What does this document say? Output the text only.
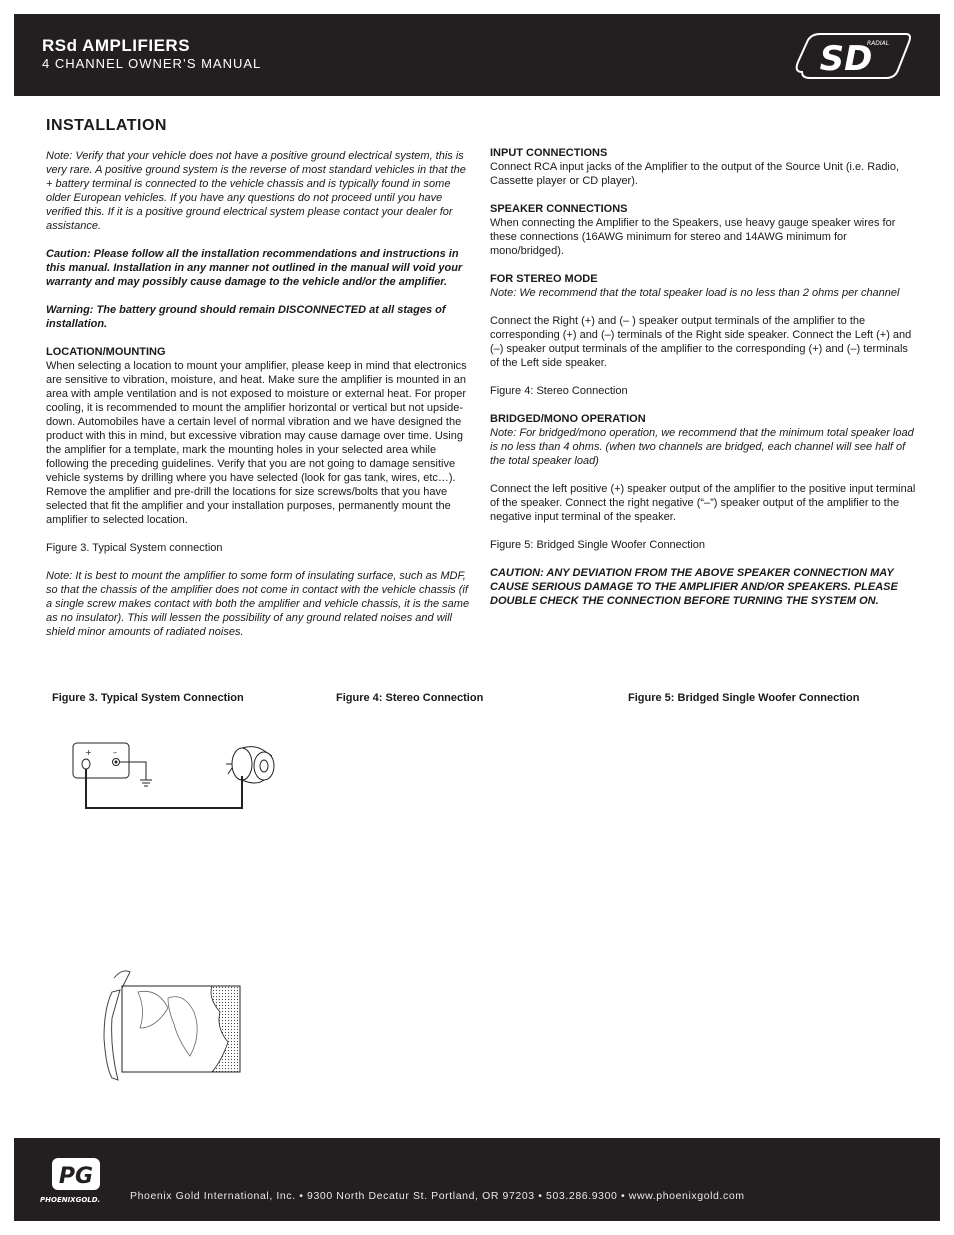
RSd AMPLIFIERS
4 CHANNEL OWNER’S MANUAL	SD
RADIAL
INSTALLATION

Note: Verify that your vehicle does not have a positive ground electrical system, this is very rare. A positive ground system is the reverse of most standard vehicles in that the + battery terminal is connected to the vehicle chassis and is typically found in some older European vehicles. If you have any questions do not proceed until you have verified this. If it is a positive ground electrical system please contact your dealer for assistance.

Caution: Please follow all the installation recommendations and instructions in this manual. Installation in any manner not outlined in the manual will void your warranty and may possibly cause damage to the vehicle and/or the amplifier.

Warning: The battery ground should remain DISCONNECTED at all stages of installation.

LOCATION/MOUNTING
When selecting a location to mount your amplifier, please keep in mind that electronics are sensitive to vibration, moisture, and heat. Make sure the amplifier is mounted in an area with ample ventilation and is not exposed to moisture or external heat. For proper cooling, it is recommended to mount the amplifier horizontal or vertical but not upside-down. Automobiles have a certain level of normal vibration and we have designed the product with this in mind, but excessive vibration may cause damage over time. Using the amplifier for a template, mark the mounting holes in your selected area while following the preceding guidelines. Verify that you are not going to damage sensitive vehicle systems by drilling where you have selected (look for gas tank, wires, etc…). Remove the amplifier and pre-drill the locations for size screws/bolts that you have selected that fit the amplifier and your installation purposes, permanently mount the amplifier to selected location.

Figure 3. Typical System connection

Note: It is best to mount the amplifier to some form of insulating surface, such as MDF, so that the chassis of the amplifier does not come in contact with the vehicle chassis (if a single screw makes contact with both the amplifier and vehicle chassis, it is the same as no insulator). This will lessen the possibility of any ground related noises and will shield minor amounts of radiated noises.

INPUT CONNECTIONS
Connect RCA input jacks of the Amplifier to the output of the Source Unit (i.e. Radio, Cassette player or CD player).

SPEAKER CONNECTIONS
When connecting the Amplifier to the Speakers, use heavy gauge speaker wires for these connections (16AWG minimum for stereo and 14AWG minimum for mono/bridged).

FOR STEREO MODE
Note: We recommend that the total speaker load is no less than 2 ohms per channel

Connect the Right (+) and (– ) speaker output terminals of the amplifier to the corresponding (+) and (–) terminals of the Right side speaker. Connect the Left (+) and (–) speaker output terminals of the amplifier to the corresponding (+) and (–) terminals of the Left side speaker.

Figure 4: Stereo Connection

BRIDGED/MONO OPERATION
Note: For bridged/mono operation, we recommend that the minimum total speaker load is no less than 4 ohms. (when two channels are bridged, each channel will see half of the total speaker load)

Connect the left positive (+) speaker output of the amplifier to the positive input terminal of the speaker. Connect the right negative (“–”) speaker output of the amplifier to the negative input terminal of the speaker.

Figure 5: Bridged Single Woofer Connection

CAUTION: ANY DEVIATION FROM THE ABOVE SPEAKER CONNECTION MAY CAUSE SERIOUS DAMAGE TO THE AMPLIFIER AND/OR SPEAKERS. PLEASE DOUBLE CHECK THE CONNECTION BEFORE TURNING THE SYSTEM ON.

Figure 3. Typical System Connection	Figure 4: Stereo Connection	Figure 5: Bridged Single Woofer Connection
+	–
PG
PHOENIXGOLD.	Phoenix Gold International, Inc. • 9300 North Decatur St. Portland, OR 97203 • 503.286.9300 • www.phoenixgold.com
